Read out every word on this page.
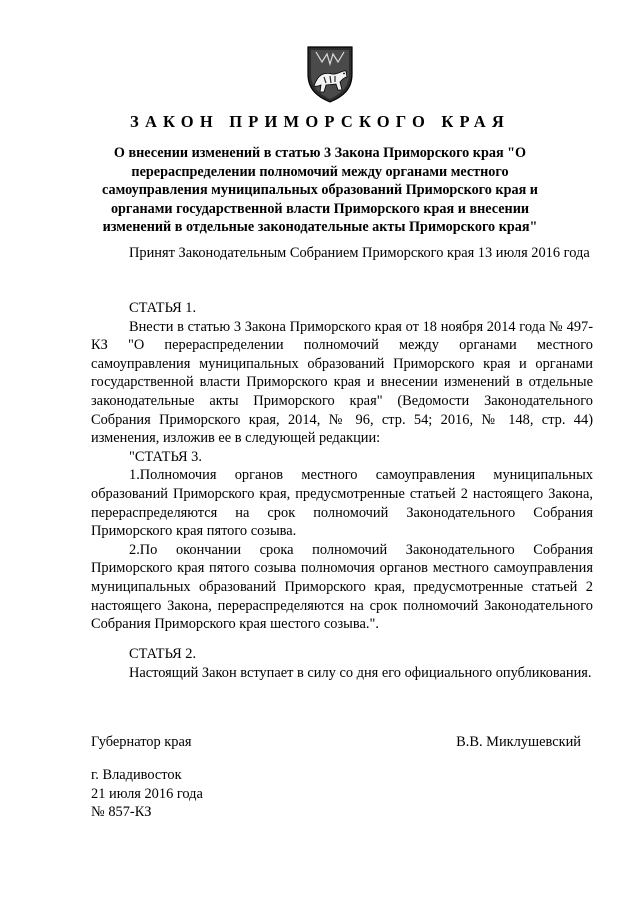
ЗАКОН ПРИМОРСКОГО КРАЯ
О внесении изменений в статью 3 Закона Приморского края "О перераспределении полномочий между органами местного самоуправления муниципальных образований Приморского края и органами государственной власти Приморского края и внесении изменений в отдельные законодательные акты Приморского края"

Принят Законодательным Собранием Приморского края 13 июля 2016 года

СТАТЬЯ 1.

Внести в статью 3 Закона Приморского края от 18 ноября 2014 года № 497-КЗ "О перераспределении полномочий между органами местного самоуправления муниципальных образований Приморского края и органами государственной власти Приморского края и внесении изменений в отдельные законодательные акты Приморского края" (Ведомости Законодательного Собрания Приморского края, 2014, № 96, стр. 54; 2016, № 148, стр. 44) изменения, изложив ее в следующей редакции:

"СТАТЬЯ 3.

1.Полномочия органов местного самоуправления муниципальных образований Приморского края, предусмотренные статьей 2 настоящего Закона, перераспределяются на срок полномочий Законодательного Собрания Приморского края пятого созыва.

2.По окончании срока полномочий Законодательного Собрания Приморского края пятого созыва полномочия органов местного самоуправления муниципальных образований Приморского края, предусмотренные статьей 2 настоящего Закона, перераспределяются на срок полномочий Законодательного Собрания Приморского края шестого созыва.".

СТАТЬЯ 2.

Настоящий Закон вступает в силу со дня его официального опубликования.

Губернатор края	В.В. Миклушевский
г. Владивосток
21 июля 2016 года
№ 857-КЗ
